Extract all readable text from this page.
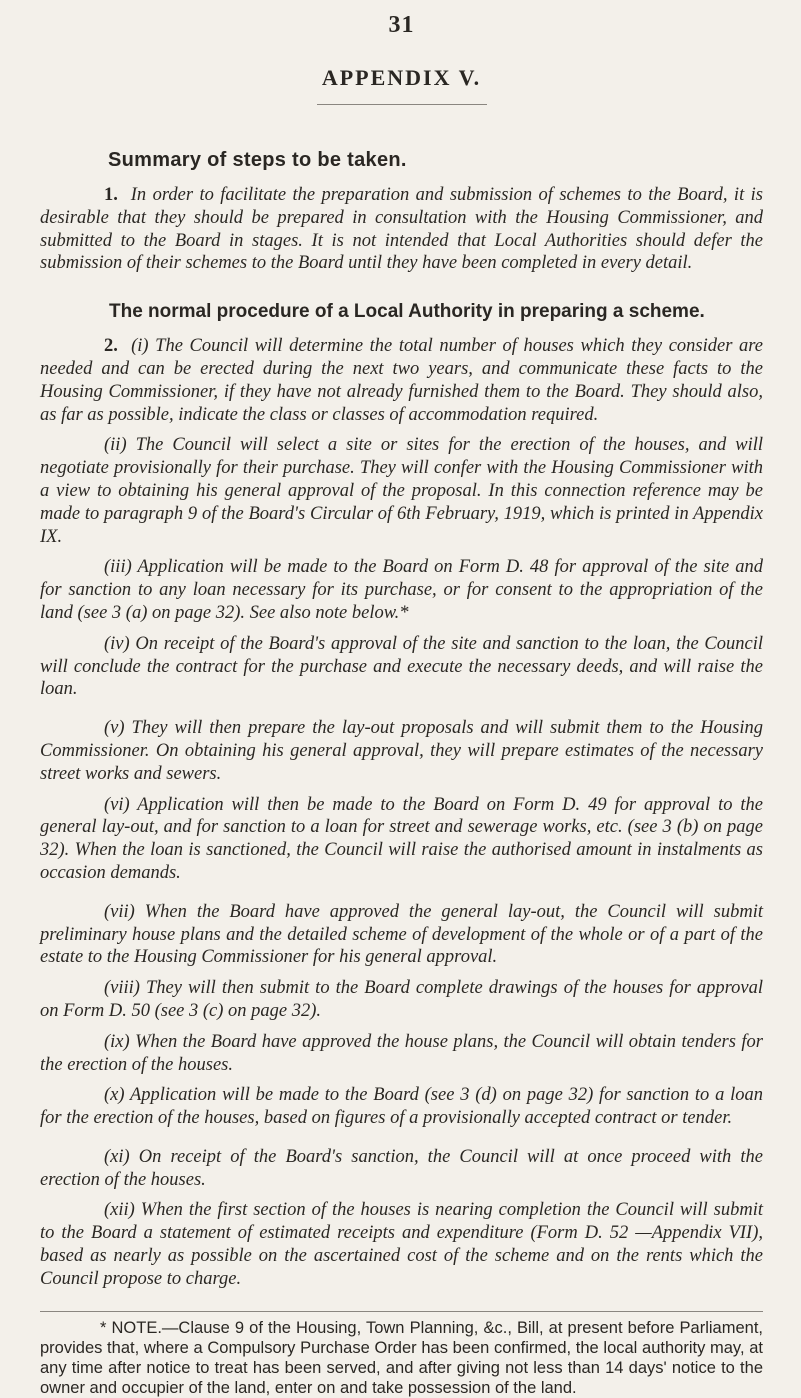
31
APPENDIX V.
Summary of steps to be taken.

1. In order to facilitate the preparation and submission of schemes to the Board, it is desirable that they should be prepared in consultation with the Housing Commissioner, and submitted to the Board in stages. It is not intended that Local Authorities should defer the submission of their schemes to the Board until they have been completed in every detail.

The normal procedure of a Local Authority in preparing a scheme.

2. (i) The Council will determine the total number of houses which they consider are needed and can be erected during the next two years, and communicate these facts to the Housing Commissioner, if they have not already furnished them to the Board. They should also, as far as possible, indicate the class or classes of accommodation required.

(ii) The Council will select a site or sites for the erection of the houses, and will negotiate provisionally for their purchase. They will confer with the Housing Commissioner with a view to obtaining his general approval of the proposal. In this connection reference may be made to paragraph 9 of the Board's Circular of 6th February, 1919, which is printed in Appendix IX.

(iii) Application will be made to the Board on Form D. 48 for approval of the site and for sanction to any loan necessary for its purchase, or for consent to the appropriation of the land (see 3 (a) on page 32). See also note below.*

(iv) On receipt of the Board's approval of the site and sanction to the loan, the Council will conclude the contract for the purchase and execute the necessary deeds, and will raise the loan.

(v) They will then prepare the lay-out proposals and will submit them to the Housing Commissioner. On obtaining his general approval, they will prepare estimates of the necessary street works and sewers.

(vi) Application will then be made to the Board on Form D. 49 for approval to the general lay-out, and for sanction to a loan for street and sewerage works, etc. (see 3 (b) on page 32). When the loan is sanctioned, the Council will raise the authorised amount in instalments as occasion demands.

(vii) When the Board have approved the general lay-out, the Council will submit preliminary house plans and the detailed scheme of development of the whole or of a part of the estate to the Housing Commissioner for his general approval.

(viii) They will then submit to the Board complete drawings of the houses for approval on Form D. 50 (see 3 (c) on page 32).

(ix) When the Board have approved the house plans, the Council will obtain tenders for the erection of the houses.

(x) Application will be made to the Board (see 3 (d) on page 32) for sanction to a loan for the erection of the houses, based on figures of a provisionally accepted contract or tender.

(xi) On receipt of the Board's sanction, the Council will at once proceed with the erection of the houses.

(xii) When the first section of the houses is nearing completion the Council will submit to the Board a statement of estimated receipts and expenditure (Form D. 52 —Appendix VII), based as nearly as possible on the ascertained cost of the scheme and on the rents which the Council propose to charge.

* NOTE.—Clause 9 of the Housing, Town Planning, &c., Bill, at present before Parliament, provides that, where a Compulsory Purchase Order has been confirmed, the local authority may, at any time after notice to treat has been served, and after giving not less than 14 days' notice to the owner and occupier of the land, enter on and take possession of the land.
